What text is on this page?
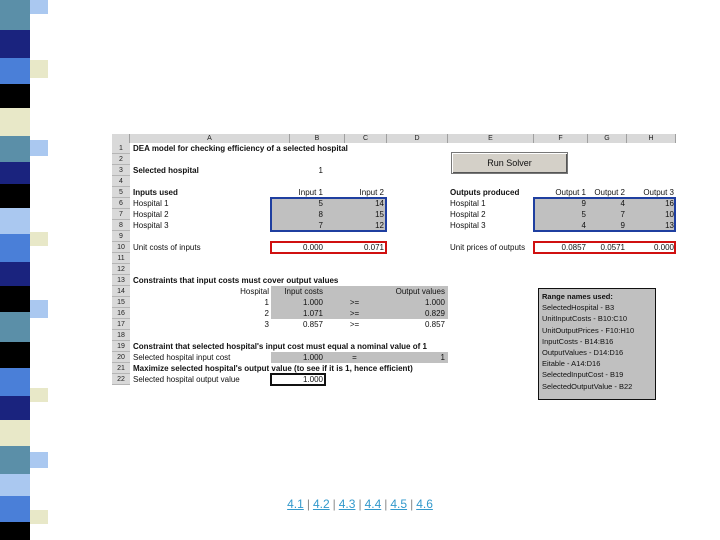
A	B	C	D	E	F	G	H
1
2
3
4
5
6
7
8
9
10
11
12
13
14
15
16
17
18
19
20
21
22
DEA model for checking efficiency of a selected hospital
Selected hospital	1
Run Solver
Inputs used	Input 1	Input 2	Outputs produced	Output 1	Output 2	Output 3
Hospital 1	5	14	Hospital 1	9	4	16
Hospital 2	8	15	Hospital 2	5	7	10
Hospital 3	7	12	Hospital 3	4	9	13
Unit costs of inputs	0.000	0.071	Unit prices of outputs	0.0857	0.0571	0.000
Constraints that input costs must cover output values
Hospital	Input costs	Output values
1	1.000	>=	1.000
2	1.071	>=	0.829
3	0.857	>=	0.857
Constraint that selected hospital's input cost must equal a nominal value of 1
Selected hospital input cost	1.000	=	1
Maximize selected hospital's output value (to see if it is 1, hence efficient)
Selected hospital output value	1.000
Range names used:
SelectedHospital - B3
UnitInputCosts - B10:C10
UnitOutputPrices - F10:H10
InputCosts - B14:B16
OutputValues - D14:D16
Eitable - A14:D16
SelectedInputCost - B19
SelectedOutputValue - B22
4.1 | 4.2 | 4.3 | 4.4 | 4.5 | 4.6
